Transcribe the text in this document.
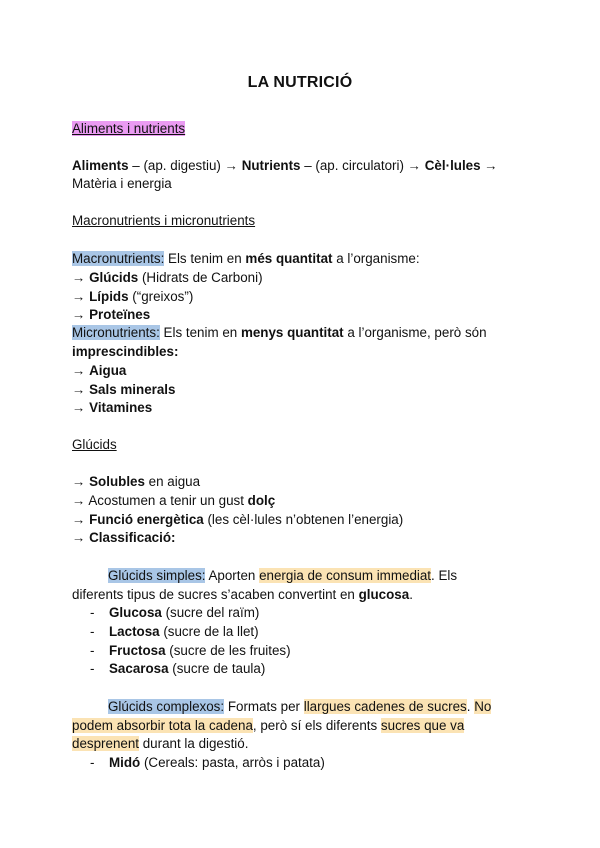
LA NUTRICIÓ
Aliments i nutrients
Aliments – (ap. digestiu) → Nutrients – (ap. circulatori) → Cèl·lules →
Matèria i energia
Macronutrients i micronutrients
Macronutrients: Els tenim en més quantitat a l’organisme:
→ Glúcids (Hidrats de Carboni)
→ Lípids (“greixos”)
→ Proteïnes
Micronutrients: Els tenim en menys quantitat a l’organisme, però són
imprescindibles:
→ Aigua
→ Sals minerals
→ Vitamines
Glúcids
→ Solubles en aigua
→ Acostumen a tenir un gust dolç
→ Funció energètica (les cèl·lules n’obtenen l’energia)
→ Classificació:
Glúcids simples: Aporten energia de consum immediat. Els
diferents tipus de sucres s’acaben convertint en glucosa.
- Glucosa (sucre del raïm)
- Lactosa (sucre de la llet)
- Fructosa (sucre de les fruites)
- Sacarosa (sucre de taula)
Glúcids complexos: Formats per llargues cadenes de sucres. No
podem absorbir tota la cadena, però sí els diferents sucres que va
desprenent durant la digestió.
- Midó (Cereals: pasta, arròs i patata)
